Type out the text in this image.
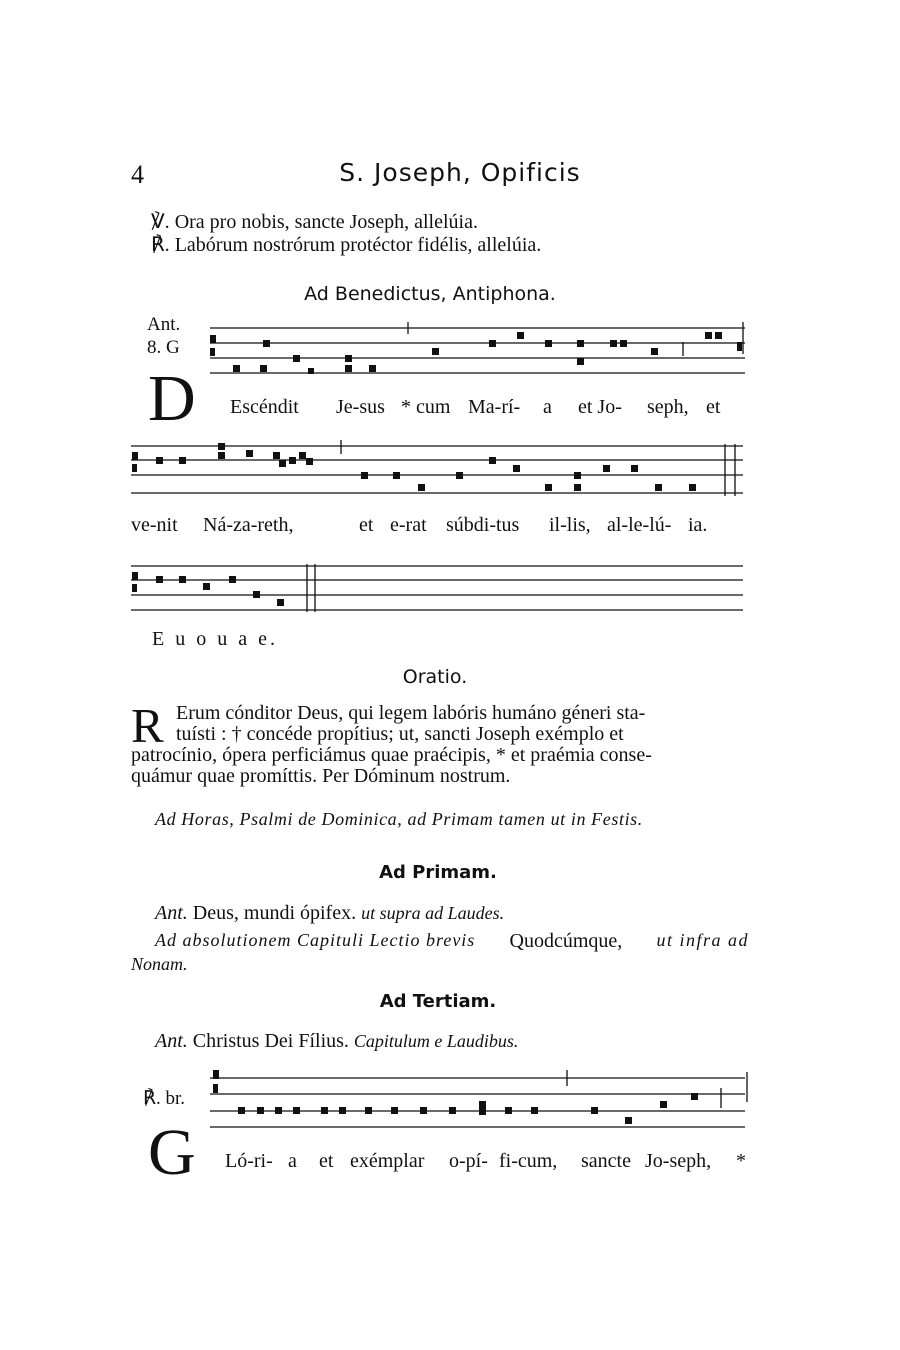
4	S. Joseph, Opificis
℣. Ora pro nobis, sancte Joseph, allelúia.
℟. Labórum nostrórum protéctor fidélis, allelúia.
Ad Benedictus, Antiphona.
Ant.
8. G
D Escéndit Je-sus * cum Ma-rí- a et Jo- seph, et
ve-nit Ná-za-reth,	et e-rat súbdi-tus il-lis, al-le-lú- ia.
E u o u a e.
Oratio.
R Erum cónditor Deus, qui legem labóris humáno géneri sta-
tuísti : † concéde propítius; ut, sancti Joseph exémplo et
patrocínio, ópera perficiámus quae praécipis, * et praémia conse-
quámur quae promíttis. Per Dóminum nostrum.
Ad Horas, Psalmi de Dominica, ad Primam tamen ut in Festis.
Ad Primam.
Ant. Deus, mundi ópifex. ut supra ad Laudes.
Ad absolutionem Capituli Lectio brevis Quodcúmque, ut infra ad
Nonam.
Ad Tertiam.
Ant. Christus Dei Fílius. Capitulum e Laudibus.
℟. br.
G Ló-ri- a et exémplar o-pí- fi-cum, sancte Jo-seph, *
